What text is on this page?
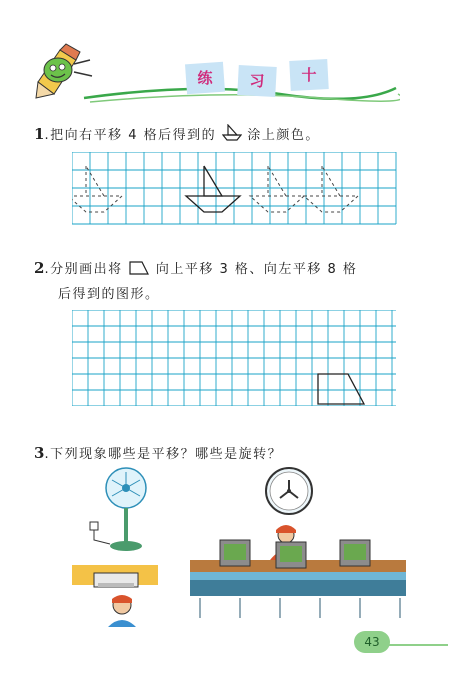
练	习	十
1.把向右平移 4 格后得到的 涂上颜色。
2.分别画出将	向上平移 3 格、向左平移 8 格
后得到的图形。
3.下列现象哪些是平移？哪些是旋转？
43
